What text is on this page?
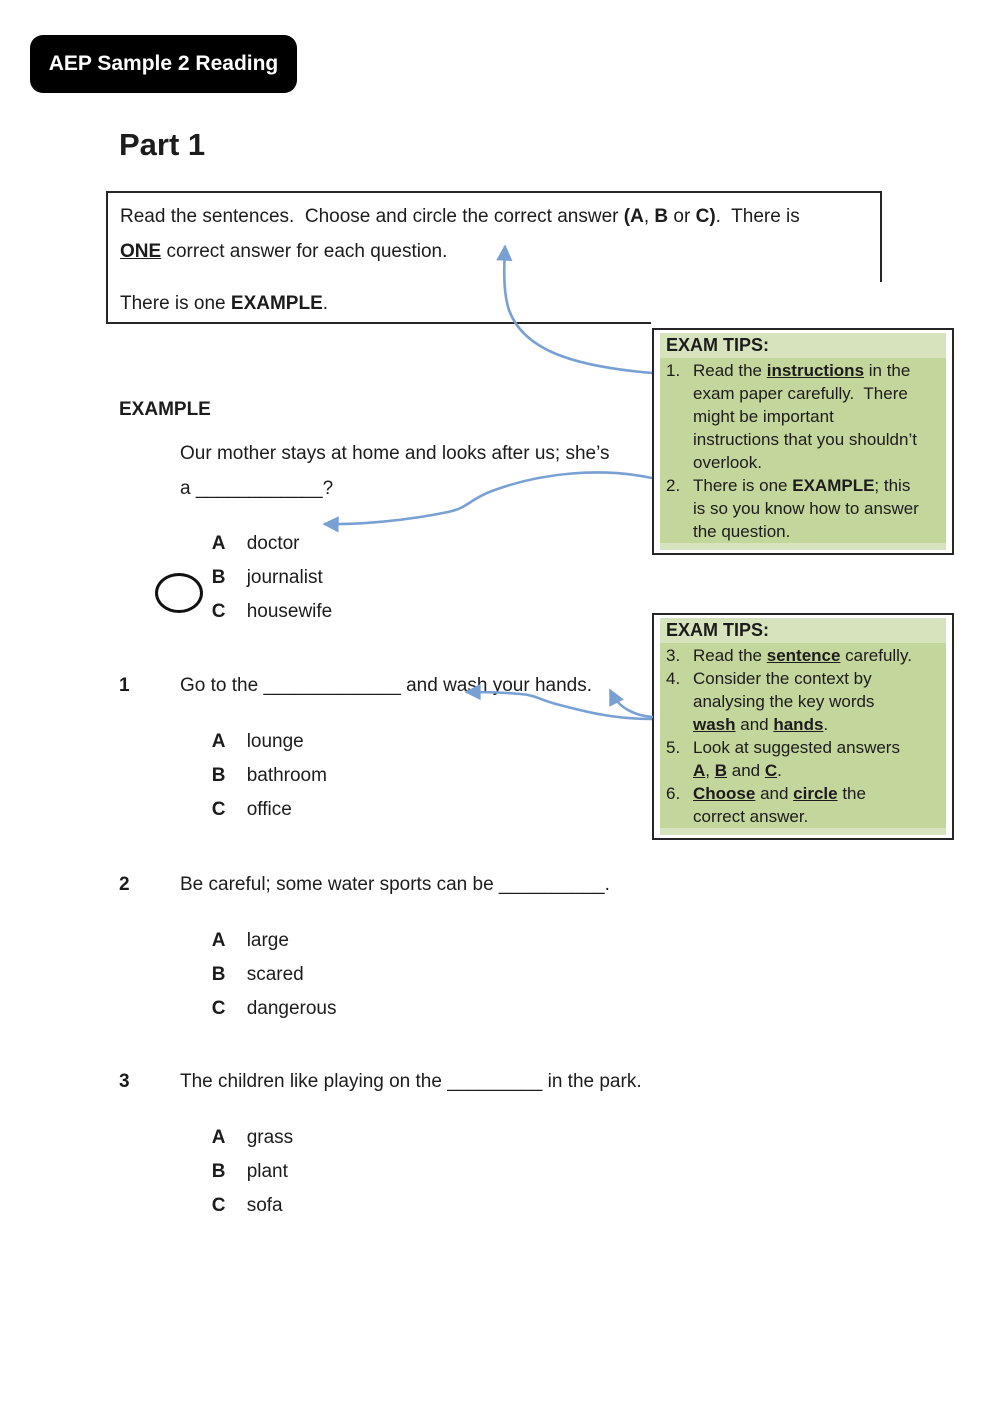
AEP Sample 2 Reading
Part 1
Read the sentences.  Choose and circle the correct answer (A, B or C).  There is
ONE correct answer for each question.
There is one EXAMPLE.
EXAMPLE
Our mother stays at home and looks after us; she’s
a ____________?

A doctor

B journalist

C housewife

1	Go to the _____________ and wash your hands.

A lounge

B bathroom

C office

2	Be careful; some water sports can be __________.

A large

B scared

C dangerous

3	The children like playing on the _________ in the park.

A grass

B plant

C sofa

EXAM TIPS:
1. Read the instructions in the
exam paper carefully.  There
might be important
instructions that you shouldn’t
overlook.
2. There is one EXAMPLE; this
is so you know how to answer
the question.
EXAM TIPS:
3. Read the sentence carefully.
4. Consider the context by
analysing the key words
wash and hands.
5. Look at suggested answers
A, B and C.
6. Choose and circle the
correct answer.
